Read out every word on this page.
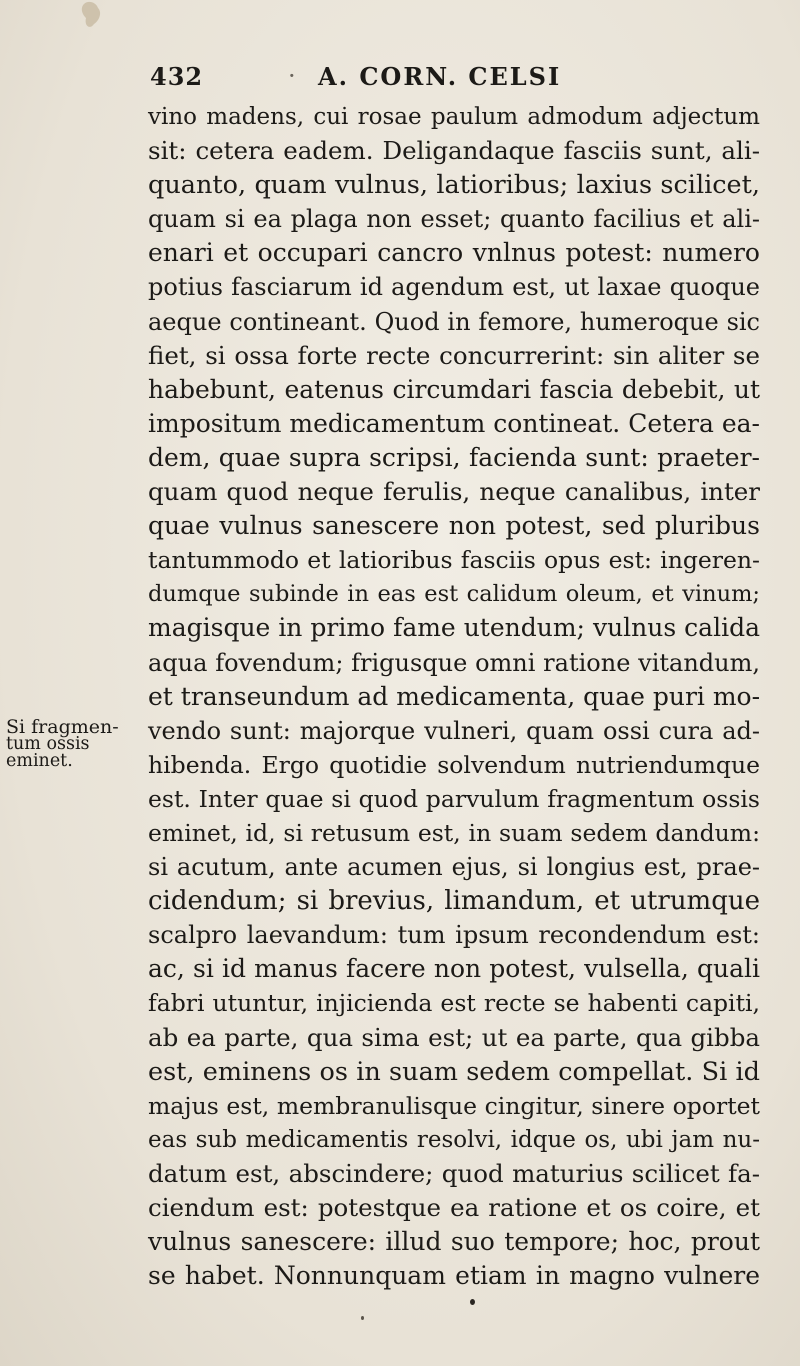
432	· A. CORN. CELSI
Si fragmen-
tum ossis
eminet.
vino madens, cui rosae paulum admodum adjectum
sit: cetera eadem. Deligandaque fasciis sunt, ali-
quanto, quam vulnus, latioribus; laxius scilicet,
quam si ea plaga non esset; quanto facilius et ali-
enari et occupari cancro vnlnus potest: numero
potius fasciarum id agendum est, ut laxae quoque
aeque contineant. Quod in femore, humeroque sic
fiet, si ossa forte recte concurrerint: sin aliter se
habebunt, eatenus circumdari fascia debebit, ut
impositum medicamentum contineat. Cetera ea-
dem, quae supra scripsi, facienda sunt: praeter-
quam quod neque ferulis, neque canalibus, inter
quae vulnus sanescere non potest, sed pluribus
tantummodo et latioribus fasciis opus est: ingeren-
dumque subinde in eas est calidum oleum, et vinum;
magisque in primo fame utendum; vulnus calida
aqua fovendum; frigusque omni ratione vitandum,
et transeundum ad medicamenta, quae puri mo-
vendo sunt: majorque vulneri, quam ossi cura ad-
hibenda. Ergo quotidie solvendum nutriendumque
est. Inter quae si quod parvulum fragmentum ossis
eminet, id, si retusum est, in suam sedem dandum:
si acutum, ante acumen ejus, si longius est, prae-
cidendum; si brevius, limandum, et utrumque
scalpro laevandum: tum ipsum recondendum est:
ac, si id manus facere non potest, vulsella, quali
fabri utuntur, injicienda est recte se habenti capiti,
ab ea parte, qua sima est; ut ea parte, qua gibba
est, eminens os in suam sedem compellat. Si id
majus est, membranulisque cingitur, sinere oportet
eas sub medicamentis resolvi, idque os, ubi jam nu-
datum est, abscindere; quod maturius scilicet fa-
ciendum est: potestque ea ratione et os coire, et
vulnus sanescere: illud suo tempore; hoc, prout
se habet. Nonnunquam etiam in magno vulnere
